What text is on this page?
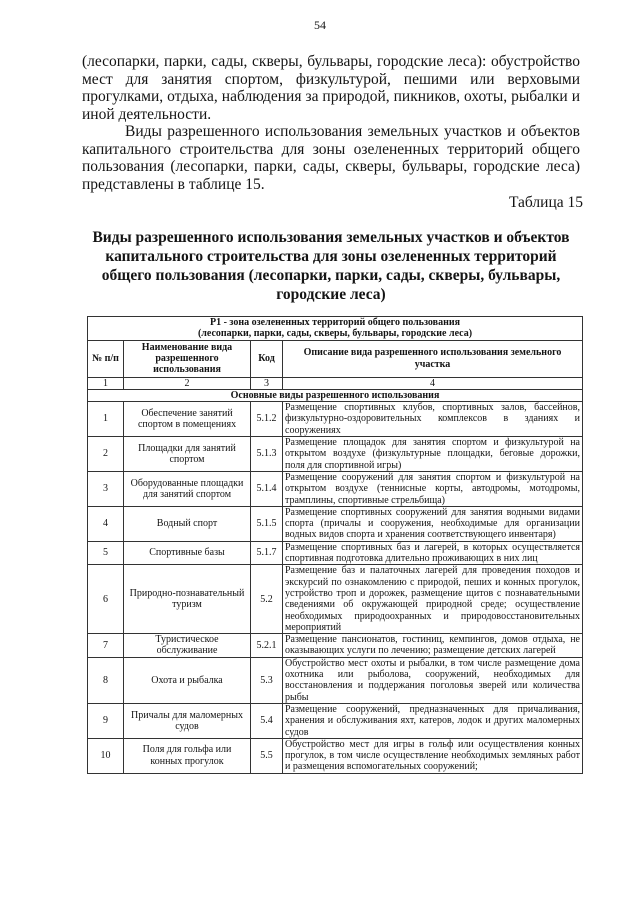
54

(лесопарки, парки, сады, скверы, бульвары, городские леса): обустройство мест для занятия спортом, физкультурой, пешими или верховыми прогулками, отдыха, наблюдения за природой, пикников, охоты, рыбалки и иной деятельности.

Виды разрешенного использования земельных участков и объектов капитального строительства для зоны озелененных территорий общего пользования (лесопарки, парки, сады, скверы, бульвары, городские леса) представлены в таблице 15.

Таблица 15
Виды разрешенного использования земельных участков и объектов капитального строительства для зоны озелененных территорий общего пользования (лесопарки, парки, сады, скверы, бульвары, городские леса)
Р1 - зона озелененных территорий общего пользования
(лесопарки, парки, сады, скверы, бульвары, городские леса)			

№ п/п	Наименование вида разрешенного использования	Код	Описание вида разрешенного использования земельного участка
1	2	3	4
Основные виды разрешенного использования			
1	Обеспечение занятий спортом в помещениях	5.1.2	Размещение спортивных клубов, спортивных залов, бассейнов, физкультурно-оздоровительных комплексов в зданиях и сооружениях
2	Площадки для занятий спортом	5.1.3	Размещение площадок для занятия спортом и физкультурой на открытом воздухе (физкультурные площадки, беговые дорожки, поля для спортивной игры)
3	Оборудованные площадки для занятий спортом	5.1.4	Размещение сооружений для занятия спортом и физкультурой на открытом воздухе (теннисные корты, автодромы, мотодромы, трамплины, спортивные стрельбища)
4	Водный спорт	5.1.5	Размещение спортивных сооружений для занятия водными видами спорта (причалы и сооружения, необходимые для организации водных видов спорта и хранения соответствующего инвентаря)
5	Спортивные базы	5.1.7	Размещение спортивных баз и лагерей, в которых осуществляется спортивная подготовка длительно проживающих в них лиц
6	Природно-познавательный туризм	5.2	Размещение баз и палаточных лагерей для проведения походов и экскурсий по ознакомлению с природой, пеших и конных прогулок, устройство троп и дорожек, размещение щитов с познавательными сведениями об окружающей природной среде; осуществление необходимых природоохранных и природовосстановительных мероприятий
7	Туристическое обслуживание	5.2.1	Размещение пансионатов, гостиниц, кемпингов, домов отдыха, не оказывающих услуги по лечению; размещение детских лагерей
8	Охота и рыбалка	5.3	Обустройство мест охоты и рыбалки, в том числе размещение дома охотника или рыболова, сооружений, необходимых для восстановления и поддержания поголовья зверей или количества рыбы
9	Причалы для маломерных судов	5.4	Размещение сооружений, предназначенных для причаливания, хранения и обслуживания яхт, катеров, лодок и других маломерных судов
10	Поля для гольфа или конных прогулок	5.5	Обустройство мест для игры в гольф или осуществления конных прогулок, в том числе осуществление необходимых земляных работ и размещения вспомогательных сооружений;
